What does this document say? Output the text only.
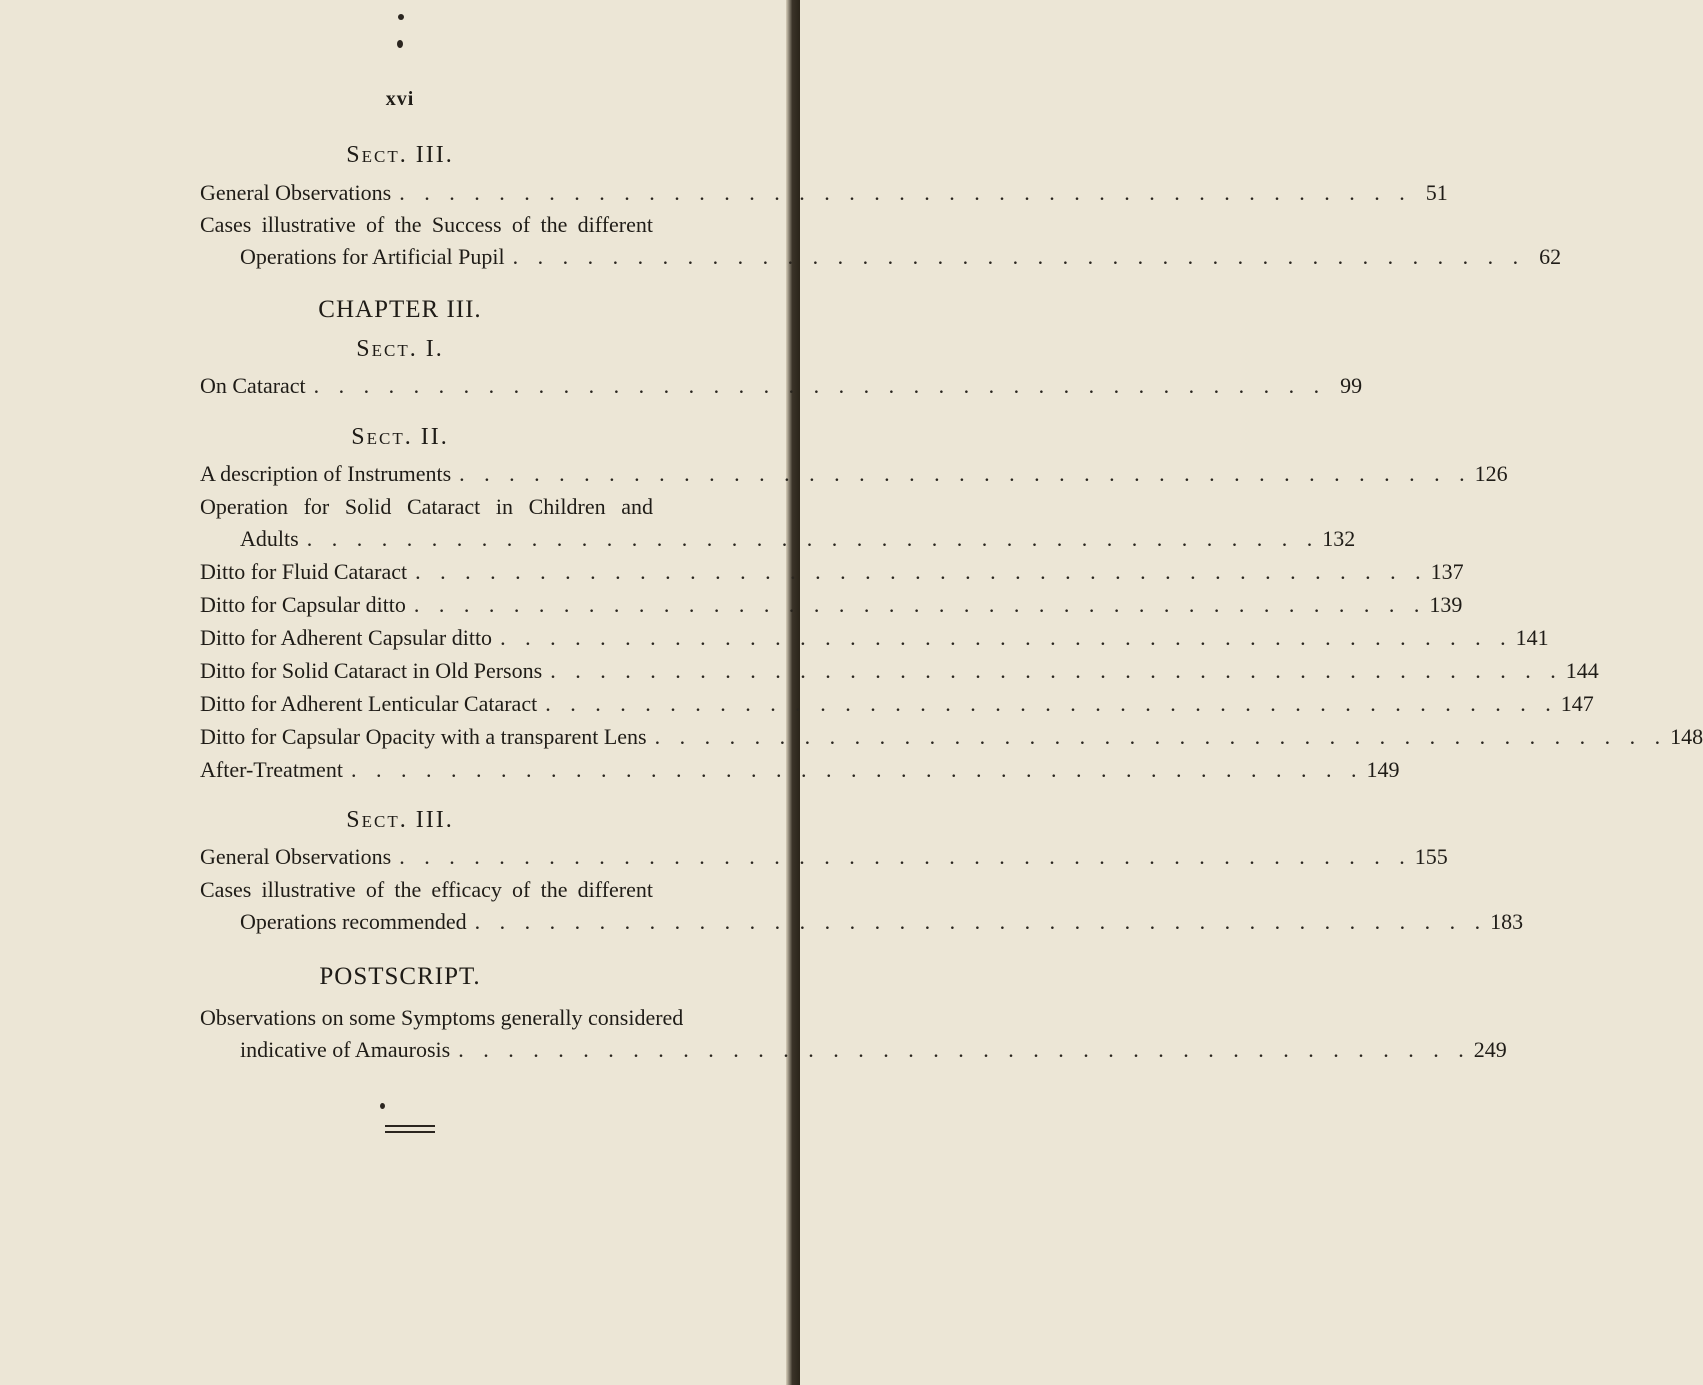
xvi
Sect. III.
General Observations . . . . . . . . . . . . . . . . . . . . . . . . . . . . . . . . . . . . . . . . . 51
Cases illustrative of the Success of the different
Operations for Artificial Pupil . . . . . . . . . . . . . . . . . . . . . . . . . . . . . . . . . . . . . . . . . 62
CHAPTER III.
Sect. I.
On Cataract . . . . . . . . . . . . . . . . . . . . . . . . . . . . . . . . . . . . . . . . . 99
Sect. II.
A description of Instruments . . . . . . . . . . . . . . . . . . . . . . . . . . . . . . . . . . . . . . . . . 126
Operation for Solid Cataract in Children and
Adults . . . . . . . . . . . . . . . . . . . . . . . . . . . . . . . . . . . . . . . . . 132
Ditto for Fluid Cataract . . . . . . . . . . . . . . . . . . . . . . . . . . . . . . . . . . . . . . . . . 137
Ditto for Capsular ditto . . . . . . . . . . . . . . . . . . . . . . . . . . . . . . . . . . . . . . . . . 139
Ditto for Adherent Capsular ditto . . . . . . . . . . . . . . . . . . . . . . . . . . . . . . . . . . . . . . . . . 141
Ditto for Solid Cataract in Old Persons . . . . . . . . . . . . . . . . . . . . . . . . . . . . . . . . . . . . . . . . . 144
Ditto for Adherent Lenticular Cataract . . . . . . . . . . . . . . . . . . . . . . . . . . . . . . . . . . . . . . . . . 147
Ditto for Capsular Opacity with a transparent Lens . . . . . . . . . . . . . . . . . . . . . . . . . . . . . . . . . . . . . . . . . 148
After-Treatment . . . . . . . . . . . . . . . . . . . . . . . . . . . . . . . . . . . . . . . . . 149
Sect. III.
General Observations . . . . . . . . . . . . . . . . . . . . . . . . . . . . . . . . . . . . . . . . . 155
Cases illustrative of the efficacy of the different
Operations recommended . . . . . . . . . . . . . . . . . . . . . . . . . . . . . . . . . . . . . . . . . 183
POSTSCRIPT.
Observations on some Symptoms generally considered
indicative of Amaurosis . . . . . . . . . . . . . . . . . . . . . . . . . . . . . . . . . . . . . . . . . 249
